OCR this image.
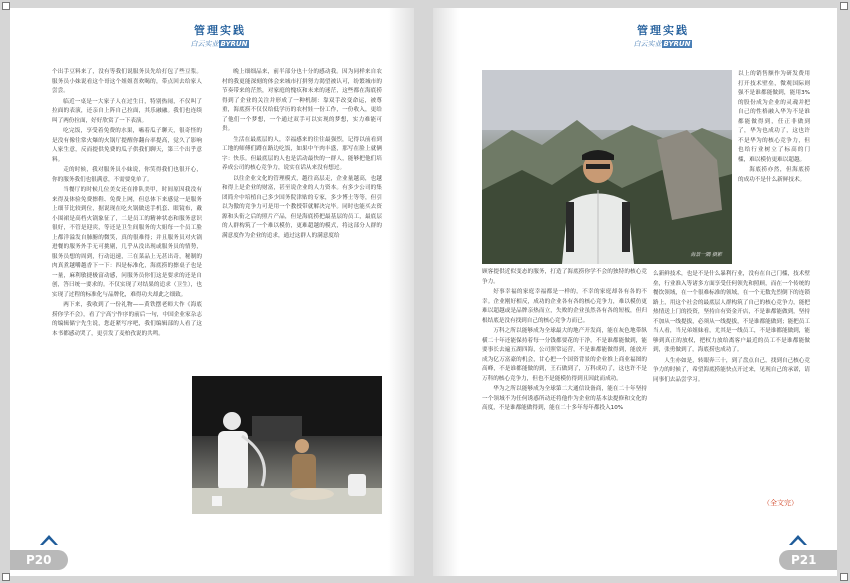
管理实践
白云实业 BYRUN

个出手豆料来了，没有等我们说服务员先给打包了些豆浆。服务员小妹说看这个哥这个姐姐喜欢喝的，带点回去给家人尝尝。

临近一桌是一大家子人在过生日，特别热闹，不仅叫了拉面的表演，还亲自上阵自己拉面，其乐融融。我们也连续叫了两份拉面，好好欣赏了一下表演。

吃完饭，享受着免费的水果，嗑着瓜子聊天，很奇怪的是没有像往常火爆的火锅厅提醒你翻台率提高，觉久了影响人家生意，反而提供免费的瓜子供我们聊天，第三个出乎意料。

走的时候，我对服务员小妹说，你笑得我们也很开心，你的服务我们也很满意，不需要免单了。

当餐厅的时候几位美女还在排队美甲，时间原因我没有来得及体验免费擦鞋、免费上网，但总体下来感觉一是服务上细节比较到位，据说现在吃火锅做送手机套、眼镜布，戴小围裙是高档火锅象征了，二是员工的精神状态和服务意识很好，不管是迎宾，等还是卫生间服务的大姐每一个员工脸上都洋溢发自肺腑的微笑，真的很难得；并且服务员对火锅进餐的服务外手无可挑剔，几乎从没出现或服务员的情势，服务员想的周到，行动迅速，三在菜品上无甚出奇，秘制的肉真煮越嚼越香下一下：四是标准化，海底捞的擦桌子也是一量，麻利敏捷极富动感，问服务员你们这是要求的还是自创，答曰统一要求的。不仅实现了对结果的追求（卫生），也实现了过程的标准化与品牌化，难得功夫却此之细致。

两下来，我收到了一份礼物——黄铁摆老师大作《海底捞你学不会》，看了宁高宁作序的前后一句，中国企业家杂志的编辑储宁先生说，您赶紧写序吧，我们编辑部的人看了这本书都感动哭了，更引发了麦柏孜说的共鸣。

晚上细细品来，前半部分也十分的感动我。因为同样来自农村的我更能深刻的体会来城市打拼努力渴望被认可，纷繁城市的节奏带来的茫然，对家庭的愧疚和未来的迷茫，这些都在海底捞得到了企业的关注并形成了一种机制：靠双手改变命运，被尊重，海底捞不仅仅给低学历的农村娃一份工作，一份收入，更给了他们一个梦想，一个通过双手可以实现的梦想，实力难能可贵。

生活在最底层的人，幸福感来的往往最强烈，记得以前看到工地的师傅们蹲在路边吃饭，如果中午肉丰盛，那写在脸上就俩字：快乐。但最底层的人也是活动最快的一群人，能够把他们培养成公司的核心竞争力，说实在话从来没有想过。

以往企业文化的管理模式，越往高层走，企业量越高，也越和得上是企业的财富，甚至说企业的人力资本。有多少公司的集团简介中培植自己多少国务院津贴的专家，多少博士等等，但引以为傲的竞争力可是用一个教授带就解决完毕。同时也能买去资源和头衔之后的照片产品，但是海底捞把最基层的员工，最底层的人群构筑了一个难以模仿，更难超越的模式，将这部分人群的满意度作为企业的追求，通过这群人的满意度给

P20
管理实践
白云实业 BYRUN
海景一隅 摄影

以上的销售额作为研发费用打开技术壁垒，微观国际则强不是谁都能做到，能用3%的股份成为企业的灵魂并把自己的性格融入华为不是谁都能做得到，任正非做到了，华为也成功了，这也许不是华为的核心竞争力，但也给行业树立了标高的门槛，难以模仿更难以超越。

海底捞亦然，但海底捞的成功不是什么新鲜技术。

顾客提供近似变态的服务，打造了海底捞你学不会的独特的核心竞争力。

好事幸福的家庭幸福都是一样的，不幸的家庭却各有各的不幸。企业刚好相反，成功的企业各有各的核心竞争力，难以模仿更难以超越或是品牌亲热而立，失败的企业虽然各有各的短板，但归根结底是没有找到自己的核心竞争力而已。

万科之所以能够成为全球最大的地产开发商，能在灰色地带纵横二十年还能保持着每一分钱都要花的干净，不是谁都能做到，能要事长去遍五湖四海，公司照常运营，不是谁都能做得到，能放开成为亿万富豪的机会，甘心把一个国资背景的企业推上商业福图的高峰，不是谁都能做的到，王石做到了，万科成功了，这也许不是万科的核心竞争力，但也不是能模仿得到且因此而成功。

华为之所以能够成为全球第二大通信设备商，能在二十年坚持一个领域不为任何诱惑所动还将他作为企业的基本法提修和文化的高度，不是谁都能做得到，能在二十多年每年都投入10%

么新鲜技术，也是不是什么暴利行业，没有在自己门槛，技术壁垒，行业准入等诸多方面享受任何领先和照顾，而在一个传统的餐饮领域，在一个很难标准的领域，在一个无数先烈倒下的连锁路上，用这个社会的最底层人群构筑了自己的核心竞争力，能把热情送上门的投资，坚持自有资金开店，不是谁都能做到，坚持不加从一线提拔，必须从一线提拔，不是谁都能做到；能把员工当人看，当兄弟姐妹看，尤其是一线员工，不是谁都能做到，能够到真正的放权，把权力放给离客户最近的员工不是谁都能做到，张勇做到了，海底捞也成功了。

人生亦如是，转眼奔三十，到了盘点自己，找到自己核心竞争力的时候了，希望海底捞能快点开过来，见现自己的承诺，请同事们去品尝学习。

（全文完）
P21
